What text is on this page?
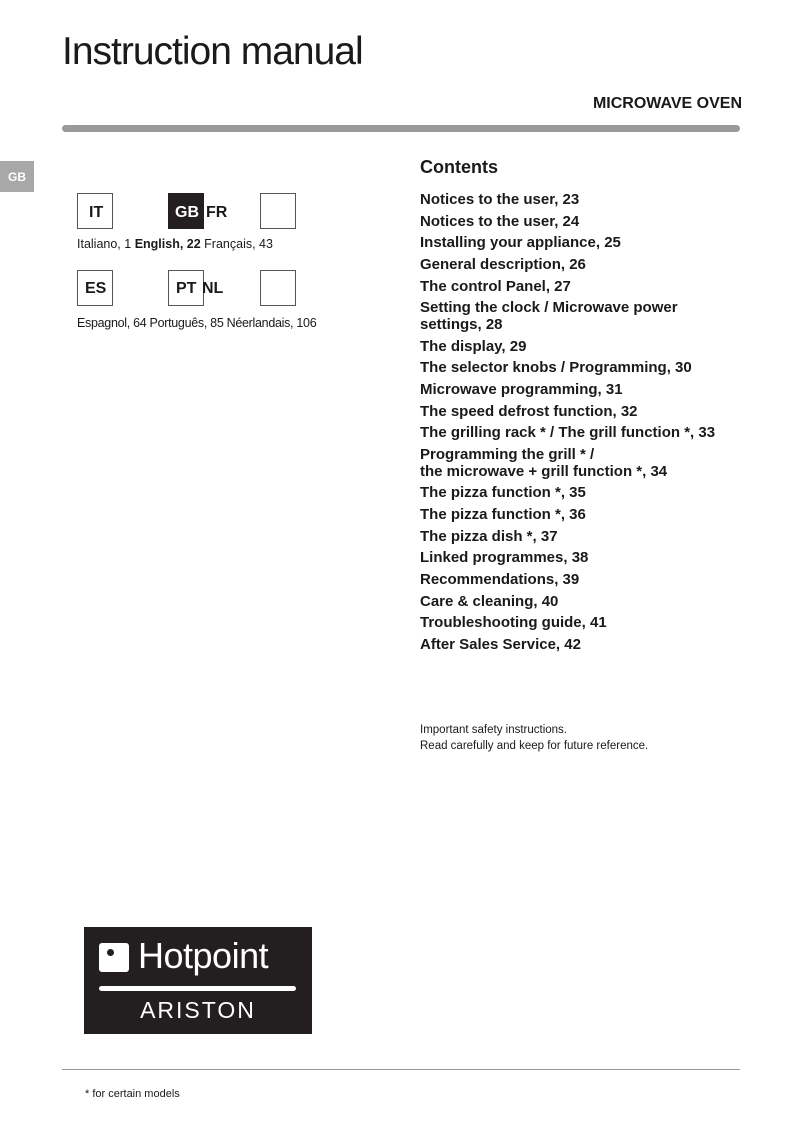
Instruction manual
MICROWAVE OVEN
GB
IT	GB FR
Italiano, 1 English, 22 Français, 43
ES	PT NL
Espagnol, 64 Português, 85 Néerlandais, 106
Contents
Notices to the user, 23
Notices to the user, 24
Installing your appliance, 25
General description, 26
The control Panel, 27
Setting the clock / Microwave power
settings, 28
The display, 29
The selector knobs / Programming, 30
Microwave programming, 31
The speed defrost function, 32
The grilling rack * / The grill function *, 33
Programming the grill * /
the microwave + grill function *, 34
The pizza function *, 35
The pizza function *, 36
The pizza dish *, 37
Linked programmes, 38
Recommendations, 39
Care & cleaning, 40
Troubleshooting guide, 41
After Sales Service, 42
Important safety instructions.
Read carefully and keep for future reference.
Hotpoint
ARISTON
* for certain models
